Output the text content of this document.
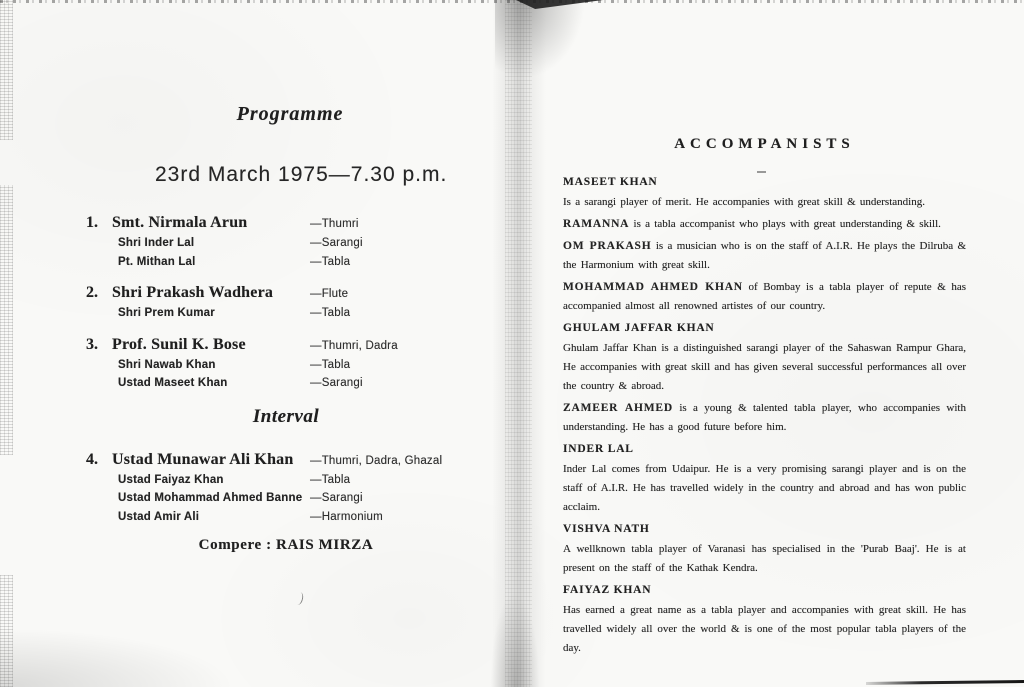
Programme
23rd March 1975—7.30 p.m.
1. Smt. Nirmala Arun	—Thumri
Shri Inder Lal	—Sarangi
Pt. Mithan Lal	—Tabla
2. Shri Prakash Wadhera	—Flute
Shri Prem Kumar	—Tabla
3. Prof. Sunil K. Bose	—Thumri, Dadra
Shri Nawab Khan	—Tabla
Ustad Maseet Khan	—Sarangi
Interval
4. Ustad Munawar Ali Khan	—Thumri, Dadra, Ghazal
Ustad Faiyaz Khan	—Tabla
Ustad Mohammad Ahmed Banne —Sarangi
Ustad Amir Ali	—Harmonium
Compere : RAIS MIRZA
ACCOMPANISTS
MASEET KHAN

Is a sarangi player of merit. He accompanies with great skill & understanding.

RAMANNA is a tabla accompanist who plays with great understanding & skill.

OM PRAKASH is a musician who is on the staff of A.I.R. He plays the Dilruba & the Harmonium with great skill.

MOHAMMAD AHMED KHAN of Bombay is a tabla player of repute & has accompanied almost all renowned artistes of our country.

GHULAM JAFFAR KHAN

Ghulam Jaffar Khan is a distinguished sarangi player of the Sahaswan Rampur Ghara, He accompanies with great skill and has given several successful performances all over the country & abroad.

ZAMEER AHMED is a young & talented tabla player, who accompanies with understanding. He has a good future before him.

INDER LAL

Inder Lal comes from Udaipur. He is a very promising sarangi player and is on the staff of A.I.R. He has travelled widely in the country and abroad and has won public acclaim.

VISHVA NATH

A wellknown tabla player of Varanasi has specialised in the 'Purab Baaj'. He is at present on the staff of the Kathak Kendra.

FAIYAZ KHAN

Has earned a great name as a tabla player and accompanies with great skill. He has travelled widely all over the world & is one of the most popular tabla players of the day.
